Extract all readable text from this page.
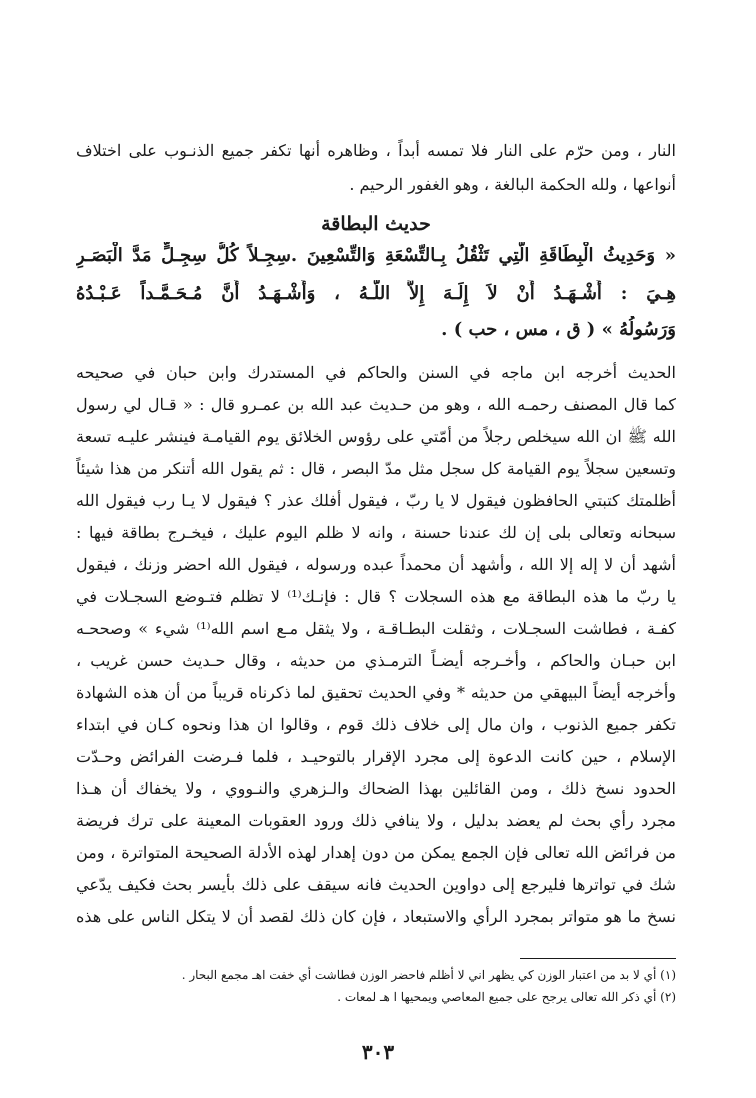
النار ، ومن حرّم على النار فلا تمسه أبداً ، وظاهره أنها تكفر جميع الذنـوب على اختلاف
أنواعها ، ولله الحكمة البالغة ، وهو الغفور الرحيم .
حديث البطاقة
« وَحَدِيثُ الْبِطَاقَةِ الَّتِي تَثْقُلُ بِـالتِّسْعَةِ وَالتِّسْعِينَ .سِجِـلاً كُلُّ سِجِـلٍّ مَدَّ الْبَصَـرِ
هِـيَ : أَشْـهَـدُ أَنْ لاَ إِلَـهَ إِلاَّ اللَّـهُ ، وَأَشْـهَـدُ أَنَّ مُـحَـمَّـداً عَـبْـدُهُ
وَرَسُولُهُ » ( ق ، مس ، حب ) .
الحديث أخرجه ابن ماجه في السنن والحاكم في المستدرك وابن حبان في صحيحه
كما قال المصنف رحمـه الله ، وهو من حـديث عبد الله بن عمـرو قال : « قـال لي رسول
الله ﷺ ان الله سيخلص رجلاً من أمّتي على رؤوس الخلائق يوم القيامـة فينشر عليـه تسعة
وتسعين سجلاً يوم القيامة كل سجل مثل مدّ البصر ، قال : ثم يقول الله أتنكر من هذا شيئاً
أظلمتك كتبتي الحافظون فيقول لا يا ربّ ، فيقول أفلك عذر ؟ فيقول لا يـا رب فيقول الله
سبحانه وتعالى بلى إن لك عندنا حسنة ، وانه لا ظلم اليوم عليك ، فيخـرج بطاقة فيها :
أشهد أن لا إله إلا الله ، وأشهد أن محمداً عبده ورسوله ، فيقول الله احضر وزنك ، فيقول
يا ربّ ما هذه البطاقة مع هذه السجلات ؟ قال : فإنـك⁽¹⁾ لا تظلم فتـوضع السجـلات في
كفـة ، فطاشت السجـلات ، وثقلت البطـاقـة ، ولا يثقل مـع اسم الله⁽¹⁾ شيء » وصححـه
ابن حبـان والحاكم ، وأخـرجه أيضـاً الترمـذي من حديثه ، وقال حـديث حسن غريب ،
وأخرجه أيضاً البيهقي من حديثه * وفي الحديث تحقيق لما ذكرناه قريباً من أن هذه الشهادة
تكفر جميع الذنوب ، وان مال إلى خلاف ذلك قوم ، وقالوا ان هذا ونحوه كـان في ابتداء
الإسلام ، حين كانت الدعوة إلى مجرد الإقرار بالتوحيـد ، فلما فـرضت الفرائض وحـدّت
الحدود نسخ ذلك ، ومن القائلين بهذا الضحاك والـزهري والنـووي ، ولا يخفاك أن هـذا
مجرد رأي بحث لم يعضد بدليل ، ولا ينافي ذلك ورود العقوبات المعينة على ترك فريضة
من فرائض الله تعالى فإن الجمع يمكن من دون إهدار لهذه الأدلة الصحيحة المتواترة ، ومن
شك في تواترها فليرجع إلى دواوين الحديث فانه سيقف على ذلك بأيسر بحث فكيف يدّعي
نسخ ما هو متواتر بمجرد الرأي والاستبعاد ، فإن كان ذلك لقصد أن لا يتكل الناس على هذه
(١) أي لا بد من اعتبار الوزن كي يظهر اني لا أظلم فاحضر الوزن فطاشت أي خفت اهـ مجمع البحار .
(٢) أي ذكر الله تعالى يرجح على جميع المعاصي ويمحيها ا هـ لمعات .
٣٠٣
